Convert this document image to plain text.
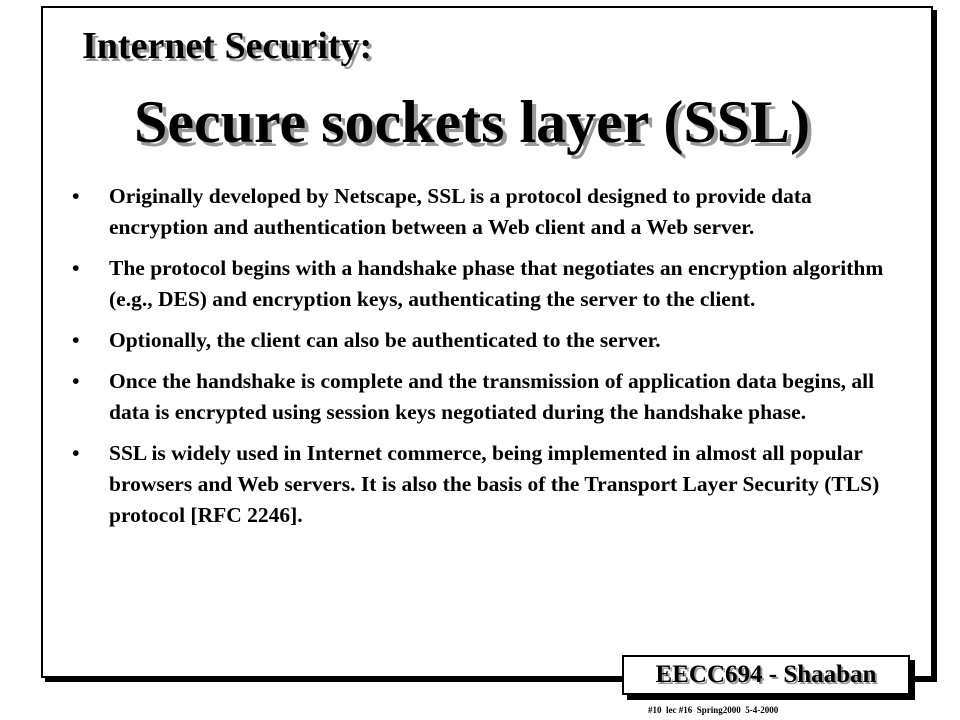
Internet Security:
Secure sockets layer (SSL)
• Originally developed by Netscape, SSL is a protocol designed to provide data encryption and authentication between a Web client and a Web server.
• The protocol begins with a handshake phase that negotiates an encryption algorithm (e.g., DES) and encryption keys, authenticating the server to the client.
• Optionally, the client can also be authenticated to the server.
• Once the handshake is complete and the transmission of application data begins, all data is encrypted using session keys negotiated during the handshake phase.
• SSL is widely used in Internet commerce, being implemented in almost all popular browsers and Web servers. It is also the basis of the Transport Layer Security (TLS) protocol [RFC 2246].
EECC694 - Shaaban
#10  lec #16  Spring2000  5-4-2000
